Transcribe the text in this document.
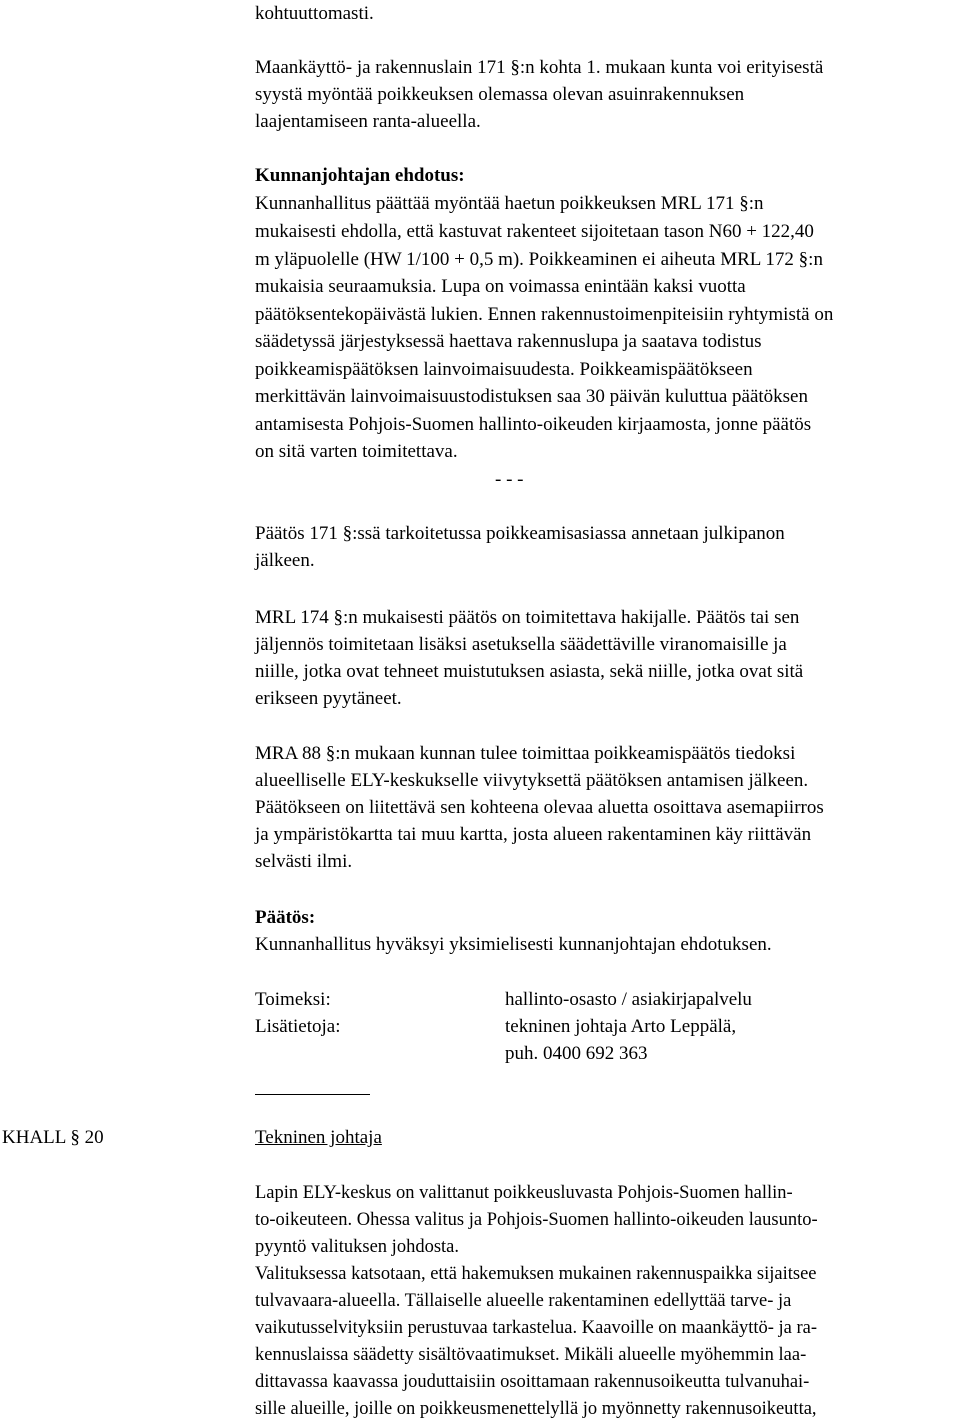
kohtuuttomasti.
Maankäyttö- ja rakennuslain 171 §:n kohta 1. mukaan kunta voi erityisestä
syystä myöntää poikkeuksen olemassa olevan asuinrakennuksen
laajentamiseen ranta-alueella.
Kunnanjohtajan ehdotus:
Kunnanhallitus päättää myöntää haetun poikkeuksen MRL 171 §:n
mukaisesti ehdolla, että kastuvat rakenteet sijoitetaan tason N60 + 122,40
m yläpuolelle (HW 1/100 + 0,5 m). Poikkeaminen ei aiheuta MRL 172 §:n
mukaisia seuraamuksia. Lupa on voimassa enintään kaksi vuotta
päätöksentekopäivästä lukien. Ennen rakennustoimenpiteisiin ryhtymistä on
säädetyssä järjestyksessä haettava rakennuslupa ja saatava todistus
poikkeamispäätöksen lainvoimaisuudesta. Poikkeamispäätökseen
merkittävän lainvoimaisuustodistuksen saa 30 päivän kuluttua päätöksen
antamisesta Pohjois-Suomen hallinto-oikeuden kirjaamosta, jonne päätös
on sitä varten toimitettava.
- - -
Päätös 171 §:ssä tarkoitetussa poikkeamisasiassa annetaan julkipanon
jälkeen.
MRL 174 §:n mukaisesti päätös on toimitettava hakijalle. Päätös tai sen
jäljennös toimitetaan lisäksi asetuksella säädettäville viranomaisille ja
niille, jotka ovat tehneet muistutuksen asiasta, sekä niille, jotka ovat sitä
erikseen pyytäneet.
MRA 88 §:n mukaan kunnan tulee toimittaa poikkeamispäätös tiedoksi
alueelliselle ELY-keskukselle viivytyksettä päätöksen antamisen jälkeen.
Päätökseen on liitettävä sen kohteena olevaa aluetta osoittava asemapiirros
ja ympäristökartta tai muu kartta, josta alueen rakentaminen käy riittävän
selvästi ilmi.
Päätös:
Kunnanhallitus hyväksyi yksimielisesti kunnanjohtajan ehdotuksen.
Toimeksi:	hallinto-osasto / asiakirjapalvelu
Lisätietoja:	tekninen johtaja Arto Leppälä,
puh. 0400 692 363
KHALL § 20	Tekninen johtaja
Lapin ELY-keskus on valittanut poikkeusluvasta Pohjois-Suomen hallin-
to-oikeuteen. Ohessa valitus ja Pohjois-Suomen hallinto-oikeuden lausunto-
pyyntö valituksen johdosta.
Valituksessa katsotaan, että hakemuksen mukainen rakennuspaikka sijaitsee
tulvavaara-alueella. Tällaiselle alueelle rakentaminen edellyttää tarve- ja
vaikutusselvityksiin perustuvaa tarkastelua. Kaavoille on maankäyttö- ja ra-
kennuslaissa säädetty sisältövaatimukset. Mikäli alueelle myöhemmin laa-
dittavassa kaavassa jouduttaisiin osoittamaan rakennusoikeutta tulvanuhai-
sille alueille, joille on poikkeusmenettelyllä jo myönnetty rakennusoikeutta,
